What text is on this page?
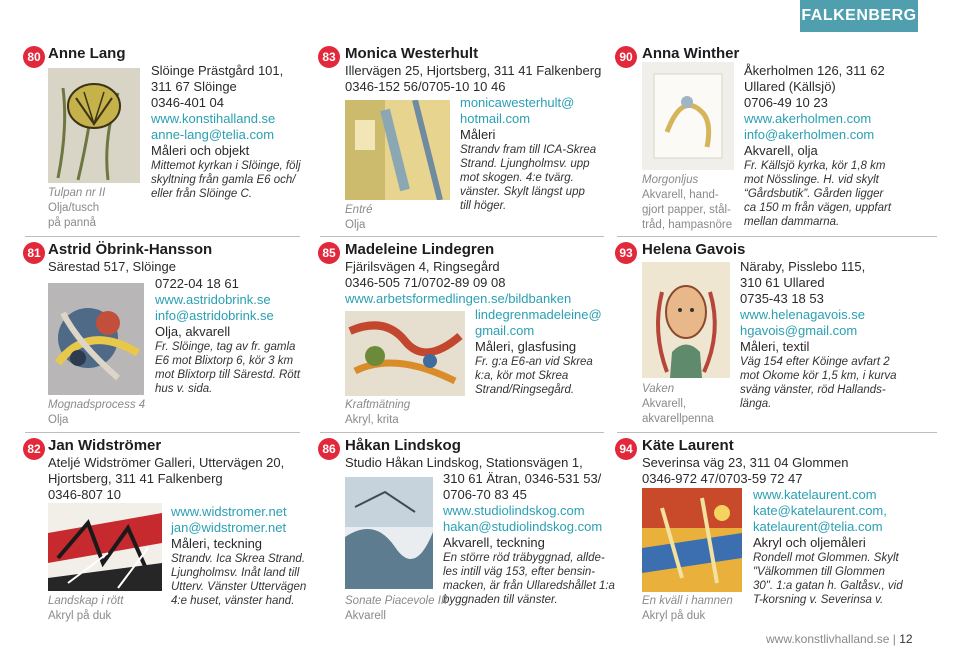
FALKENBERG
80 Anne Lang
Slöinge Prästgård 101,
311 67 Slöinge
0346-401 04
www.konstihalland.se
anne-lang@telia.com
Måleri och objekt
Mittemot kyrkan i Slöinge, följ
skyltning från gamla E6 och/
eller från Slöinge C.
Tulpan nr II
Olja/tusch
på pannå
81 Astrid Öbrink-Hansson
Särestad 517, Slöinge
0722-04 18 61
www.astridobrink.se
info@astridobrink.se
Olja, akvarell
Fr. Slöinge, tag av fr. gamla
E6 mot Blixtorp 6, kör 3 km
mot Blixtorp till Särestd. Rött
hus v. sida.
Mognadsprocess 4
Olja
82 Jan Widströmer
Ateljé Widströmer Galleri, Uttervägen 20,
Hjortsberg, 311 41 Falkenberg
0346-807 10
www.widstromer.net
jan@widstromer.net
Måleri, teckning
Strandv. Ica Skrea Strand.
Ljungholmsv. Inåt land till
Utterv. Vänster Uttervägen
4:e huset, vänster hand.
Landskap i rött
Akryl på duk
83 Monica Westerhult
Illervägen 25, Hjortsberg, 311 41 Falkenberg
0346-152 56/0705-10 10 46
monicawesterhult@
hotmail.com
Måleri
Strandv fram till ICA-Skrea
Strand. Ljungholmsv. upp
mot skogen. 4:e tvärg.
vänster. Skylt längst upp
till höger.
Entré
Olja
85 Madeleine Lindegren
Fjärilsvägen 4, Ringsegård
0346-505 71/0702-89 09 08
www.arbetsformedlingen.se/bildbanken
lindegrenmadeleine@
gmail.com
Måleri, glasfusing
Fr. g:a E6-an vid Skrea
k:a, kör mot Skrea
Strand/Ringsegård.
Kraftmätning
Akryl, krita
86 Håkan Lindskog
Studio Håkan Lindskog, Stationsvägen 1,
310 61 Ätran, 0346-531 53/
0706-70 83 45
www.studiolindskog.com
hakan@studiolindskog.com
Akvarell, teckning
En större röd träbyggnad, allde-
les intill väg 153, efter bensin-
macken, är från Ullaredshållet 1:a
byggnaden till vänster.
Sonate Piacevole III
Akvarell
90 Anna Winther
Åkerholmen 126, 311 62
Ullared (Källsjö)
0706-49 10 23
www.akerholmen.com
info@akerholmen.com
Akvarell, olja
Fr. Källsjö kyrka, kör 1,8 km
mot Nösslinge. H. vid skylt
“Gårdsbutik”. Gården ligger
ca 150 m från vägen, uppfart
mellan dammarna.
Morgonljus
Akvarell, hand-
gjort papper, stål-
tråd, hampasnöre
93 Helena Gavois
Näraby, Pisslebo 115,
310 61 Ullared
0735-43 18 53
www.helenagavois.se
hgavois@gmail.com
Måleri, textil
Väg 154 efter Köinge avfart 2
mot Okome kör 1,5 km, i kurva
sväng vänster, röd Hallands-
länga.
Vaken
Akvarell,
akvarellpenna
94 Käte Laurent
Severinsa väg 23, 311 04 Glommen
0346-972 47/0703-59 72 47
www.katelaurent.com
kate@katelaurent.com,
katelaurent@telia.com
Akryl och oljemåleri
Rondell mot Glommen. Skylt
"Välkommen till Glommen
30". 1:a gatan h. Galtåsv., vid
T-korsning v. Severinsa v.
En kväll i hamnen
Akryl på duk
www.konstlivhalland.se | 12
